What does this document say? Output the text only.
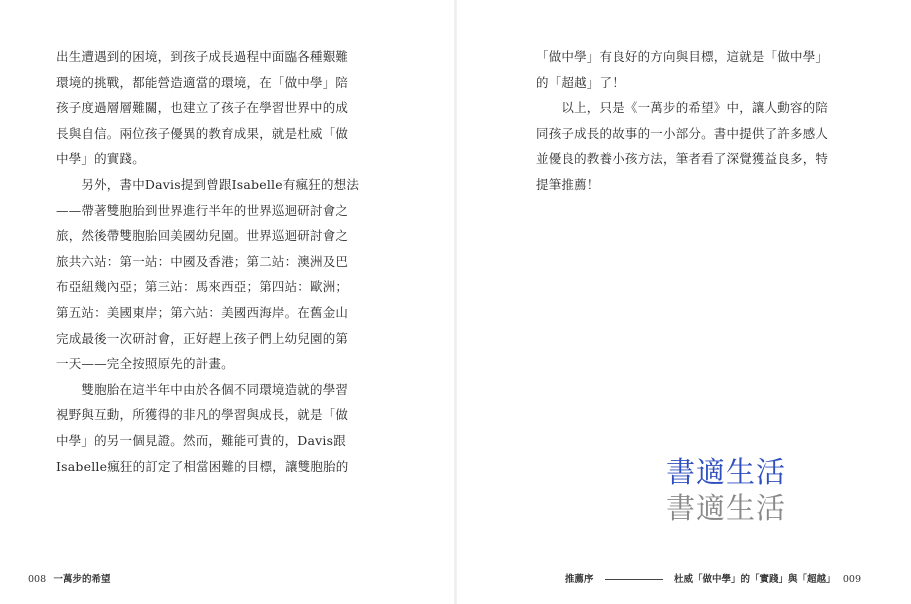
出生遭遇到的困境，到孩子成長過程中面臨各種艱難
環境的挑戰，都能營造適當的環境，在「做中學」陪
孩子度過層層難關，也建立了孩子在學習世界中的成
長與自信。兩位孩子優異的教育成果，就是杜威「做
中學」的實踐。
　　另外，書中Davis提到曾跟Isabelle有瘋狂的想法
——帶著雙胞胎到世界進行半年的世界巡迴研討會之
旅，然後帶雙胞胎回美國幼兒園。世界巡迴研討會之
旅共六站：第一站：中國及香港；第二站：澳洲及巴
布亞紐幾內亞；第三站：馬來西亞；第四站：歐洲；
第五站：美國東岸；第六站：美國西海岸。在舊金山
完成最後一次研討會，正好趕上孩子們上幼兒園的第
一天——完全按照原先的計畫。
　　雙胞胎在這半年中由於各個不同環境造就的學習
視野與互動，所獲得的非凡的學習與成長，就是「做
中學」的另一個見證。然而，難能可貴的，Davis跟
Isabelle瘋狂的訂定了相當困難的目標，讓雙胞胎的
008 一萬步的希望
「做中學」有良好的方向與目標，這就是「做中學」
的「超越」了！
　　以上，只是《一萬步的希望》中，讓人動容的陪
同孩子成長的故事的一小部分。書中提供了許多感人
並優良的教養小孩方法，筆者看了深覺獲益良多，特
提筆推薦！
書適生活
書適生活
推薦序	杜威「做中學」的「實踐」與「超越」 009
